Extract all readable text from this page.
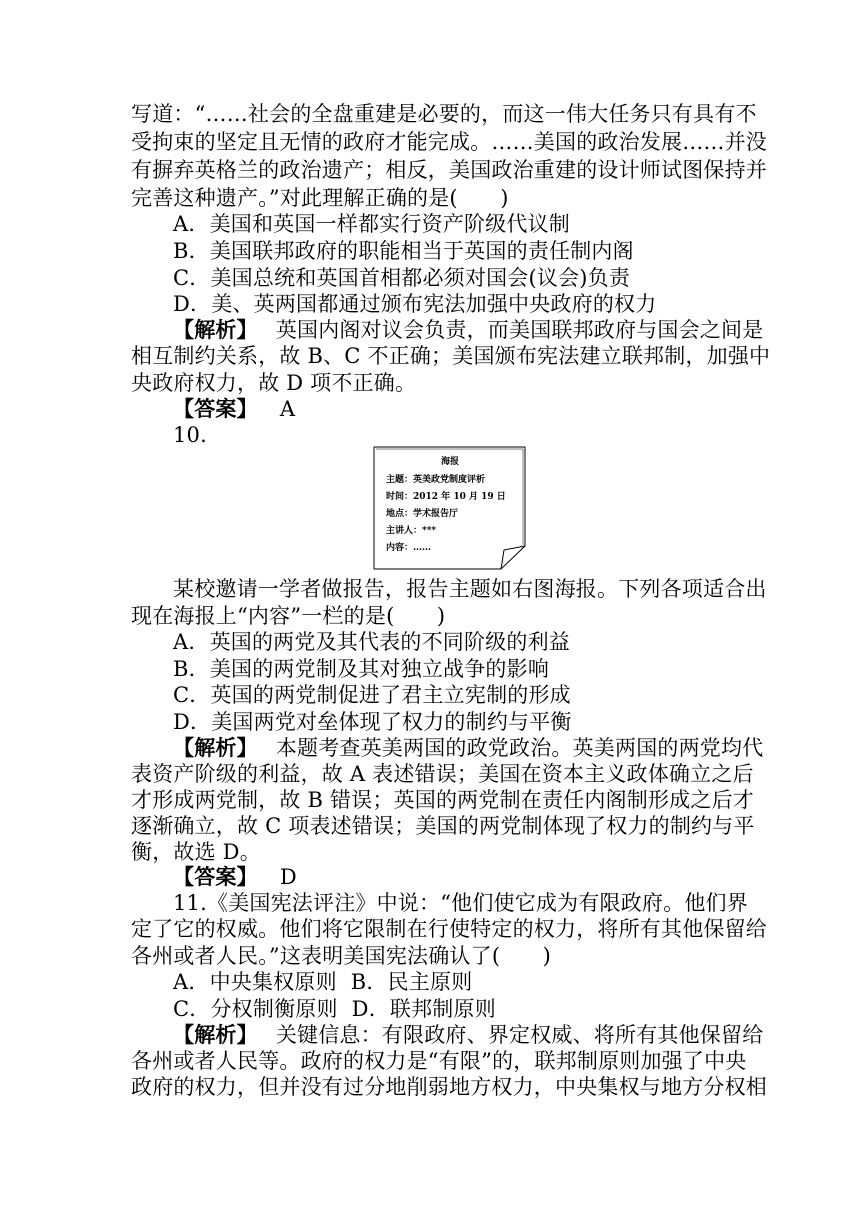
写道：“……社会的全盘重建是必要的，而这一伟大任务只有具有不
受拘束的坚定且无情的政府才能完成。……美国的政治发展……并没
有摒弃英格兰的政治遗产；相反，美国政治重建的设计师试图保持并
完善这种遗产。”对此理解正确的是(　　)
A．美国和英国一样都实行资产阶级代议制
B．美国联邦政府的职能相当于英国的责任制内阁
C．美国总统和英国首相都必须对国会(议会)负责
D．美、英两国都通过颁布宪法加强中央政府的权力
【解析】 英国内阁对议会负责，而美国联邦政府与国会之间是
相互制约关系，故 B、C 不正确；美国颁布宪法建立联邦制，加强中
央政府权力，故 D 项不正确。
【答案】 A
10.
海报
主题：英美政党制度评析
时间：2012 年 10 月 19 日
地点：学术报告厅
主讲人：***
内容：……
某校邀请一学者做报告，报告主题如右图海报。下列各项适合出
现在海报上“内容”一栏的是(　　)
A．英国的两党及其代表的不同阶级的利益
B．美国的两党制及其对独立战争的影响
C．英国的两党制促进了君主立宪制的形成
D．美国两党对垒体现了权力的制约与平衡
【解析】 本题考查英美两国的政党政治。英美两国的两党均代
表资产阶级的利益，故 A 表述错误；美国在资本主义政体确立之后
才形成两党制，故 B 错误；英国的两党制在责任内阁制形成之后才
逐渐确立，故 C 项表述错误；美国的两党制体现了权力的制约与平
衡，故选 D。
【答案】 D
11.《美国宪法评注》中说：“他们使它成为有限政府。他们界
定了它的权威。他们将它限制在行使特定的权力，将所有其他保留给
各州或者人民。”这表明美国宪法确认了(　　)
A．中央集权原则 B．民主原则
C．分权制衡原则 D．联邦制原则
【解析】 关键信息：有限政府、界定权威、将所有其他保留给
各州或者人民等。政府的权力是“有限”的，联邦制原则加强了中央
政府的权力，但并没有过分地削弱地方权力，中央集权与地方分权相
